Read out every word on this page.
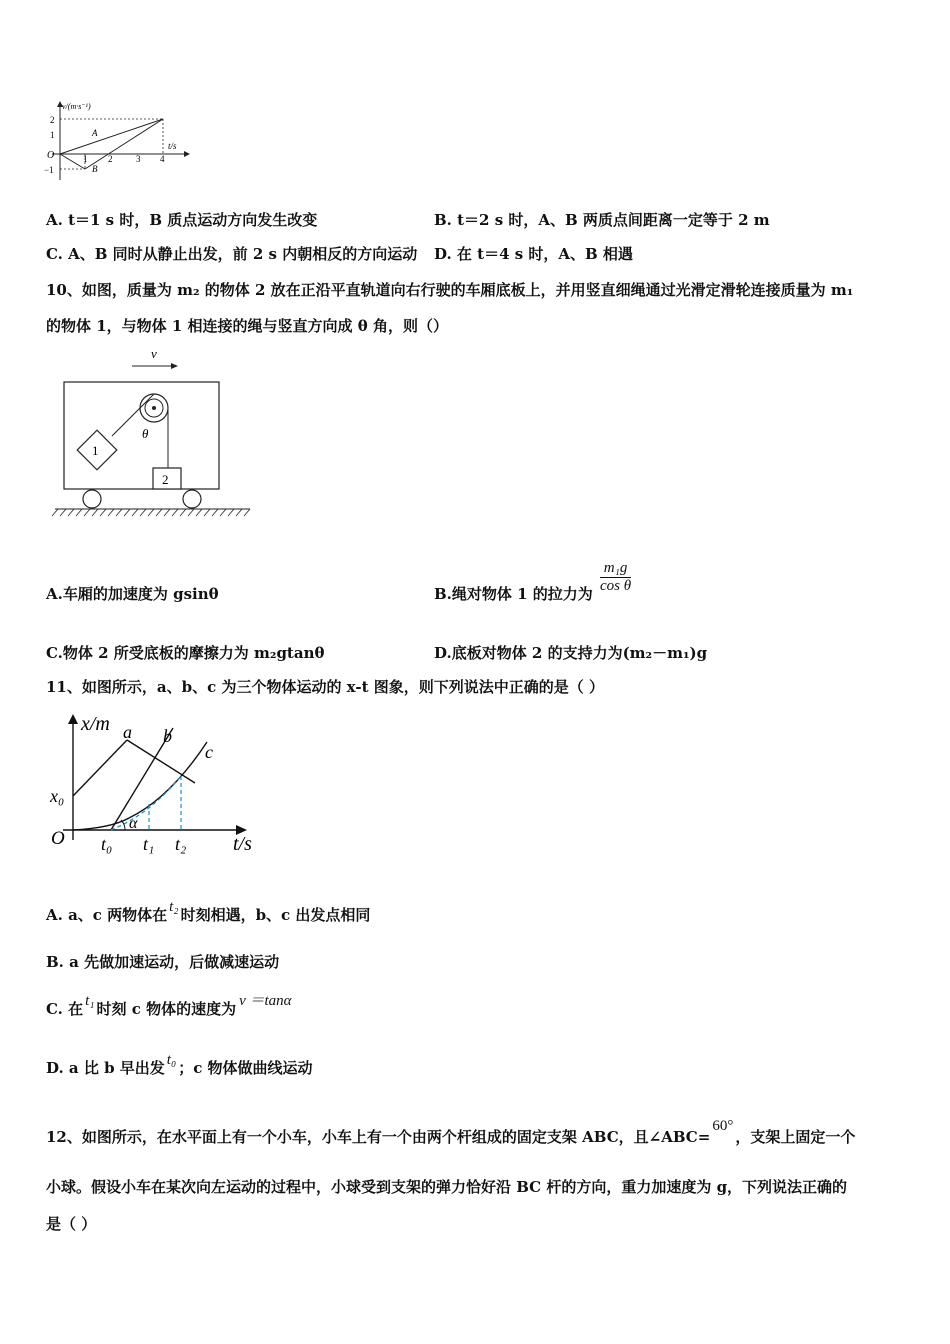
v/(m·s⁻¹)
t/s
2
1
−1
O	1 2	3 4
A
B
A. t＝1 s 时，B 质点运动方向发生改变	B. t＝2 s 时，A、B 两质点间距离一定等于 2 m
C. A、B 同时从静止出发，前 2 s 内朝相反的方向运动 D. 在 t＝4 s 时，A、B 相遇
10、如图，质量为 m₂ 的物体 2 放在正沿平直轨道向右行驶的车厢底板上，并用竖直细绳通过光滑定滑轮连接质量为 m₁
的物体 1，与物体 1 相连接的绳与竖直方向成 θ 角，则（）
v
1
2
θ
A.车厢的加速度为 gsinθ	B.绳对物体 1 的拉力为 $\frac{\text{m₁g}}{\text{cos θ}}$
C.物体 2 所受底板的摩擦力为 m₂gtanθ	D.底板对物体 2 的支持力为(m₂－m₁)g
11、如图所示，a、b、c 为三个物体运动的 x-t 图象，则下列说法中正确的是（ ）
x/m
t/s
O
x₀
t₀ t₁ t₂
a b
c
α
A. a、c 两物体在 t₂ 时刻相遇，b、c 出发点相同
B. a 先做加速运动，后做减速运动
C. 在 t₁ 时刻 c 物体的速度为 v ＝tanα
D. a 比 b 早出发 t₀ ；c 物体做曲线运动
12、如图所示，在水平面上有一个小车，小车上有一个由两个杆组成的固定支架 ABC，且∠ABC=60°，支架上固定一个
小球。假设小车在某次向左运动的过程中，小球受到支架的弹力恰好沿 BC 杆的方向，重力加速度为 g，下列说法正确的
是（ ）
